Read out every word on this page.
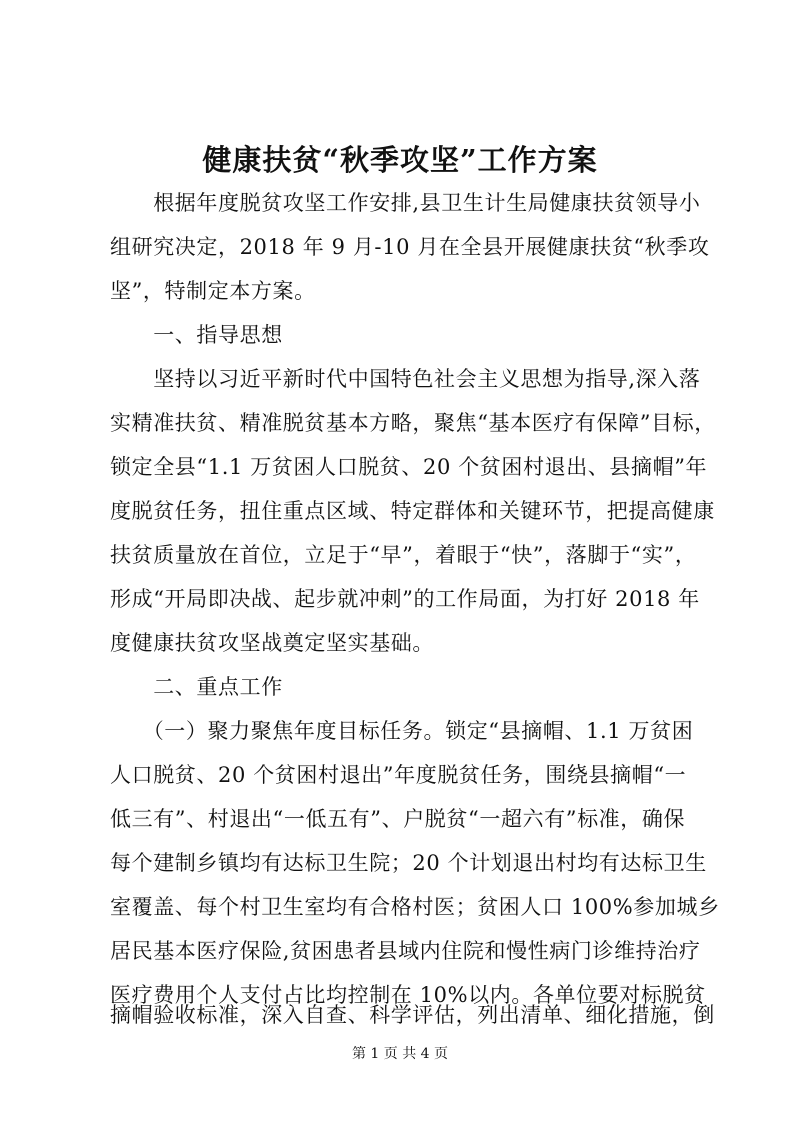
健康扶贫“秋季攻坚”工作方案

　　根据年度脱贫攻坚工作安排,县卫生计生局健康扶贫领导小

组研究决定，2018 年 9 月-10 月在全县开展健康扶贫“秋季攻

坚”，特制定本方案。

　　一、指导思想

　　坚持以习近平新时代中国特色社会主义思想为指导,深入落

实精准扶贫、精准脱贫基本方略，聚焦“基本医疗有保障”目标，

锁定全县“1.1 万贫困人口脱贫、20 个贫困村退出、县摘帽”年

度脱贫任务，扭住重点区域、特定群体和关键环节，把提高健康

扶贫质量放在首位，立足于“早”，着眼于“快”，落脚于“实”，

形成“开局即决战、起步就冲刺”的工作局面，为打好 2018 年

度健康扶贫攻坚战奠定坚实基础。

　　二、重点工作

　　（一）聚力聚焦年度目标任务。锁定“县摘帽、1.1 万贫困

人口脱贫、20 个贫困村退出”年度脱贫任务，围绕县摘帽“一

低三有”、村退出“一低五有”、户脱贫“一超六有”标准，确保

每个建制乡镇均有达标卫生院；20 个计划退出村均有达标卫生

室覆盖、每个村卫生室均有合格村医；贫困人口 100%参加城乡

居民基本医疗保险,贫困患者县域内住院和慢性病门诊维持治疗

医疗费用个人支付占比均控制在 10%以内。各单位要对标脱贫

第 1 页 共 4 页

摘帽验收标准，深入自查、科学评估，列出清单、细化措施，倒
